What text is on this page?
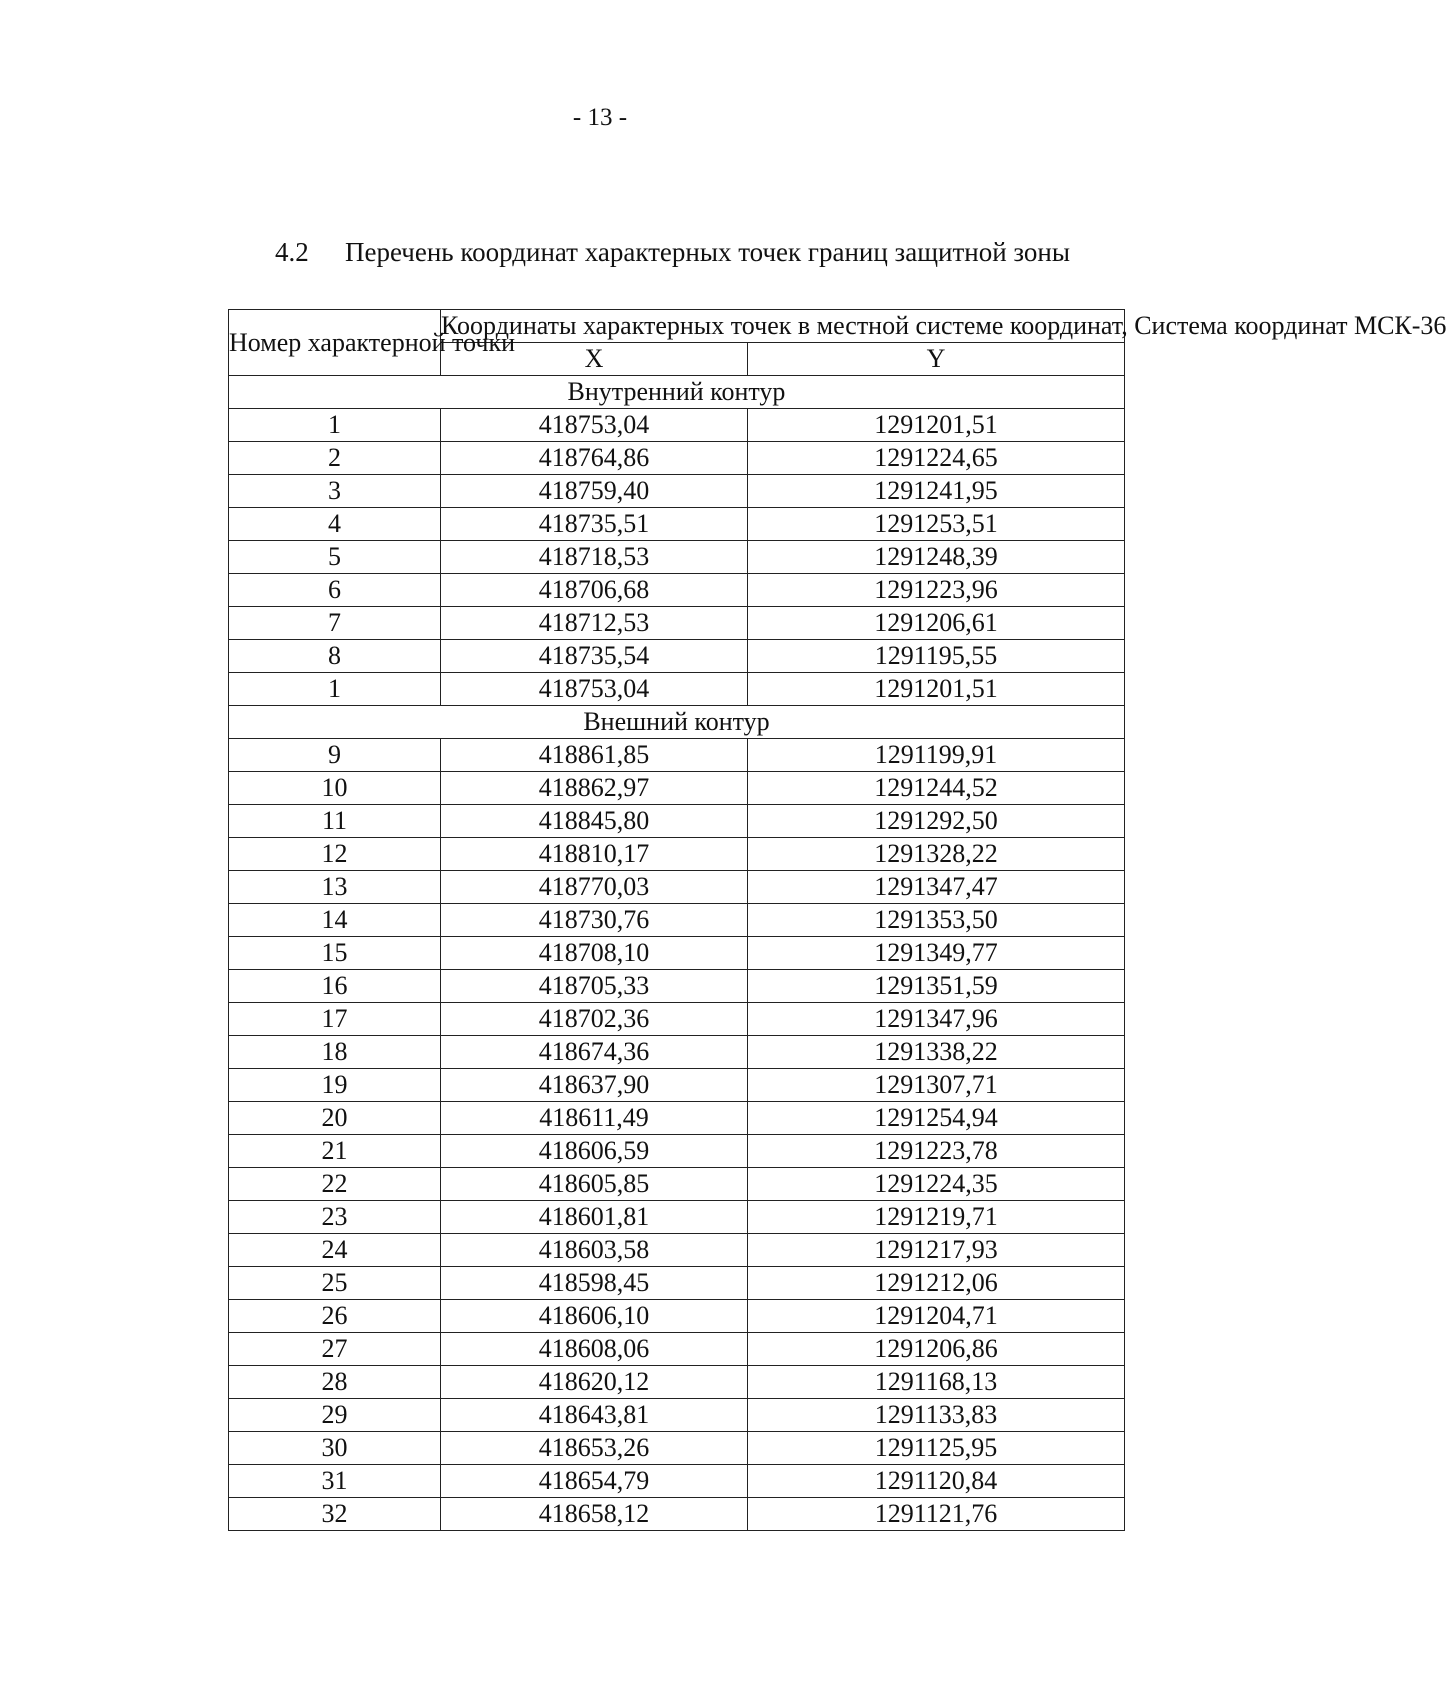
- 13 -
4.2 Перечень координат характерных точек границ защитной зоны
Номер характерной точки	Координаты характерных точек в местной системе координат, Система координат МСК-36	
	X	Y
Внутренний контур		
1	418753,04	1291201,51
2	418764,86	1291224,65
3	418759,40	1291241,95
4	418735,51	1291253,51
5	418718,53	1291248,39
6	418706,68	1291223,96
7	418712,53	1291206,61
8	418735,54	1291195,55
1	418753,04	1291201,51
Внешний контур		
9	418861,85	1291199,91
10	418862,97	1291244,52
11	418845,80	1291292,50
12	418810,17	1291328,22
13	418770,03	1291347,47
14	418730,76	1291353,50
15	418708,10	1291349,77
16	418705,33	1291351,59
17	418702,36	1291347,96
18	418674,36	1291338,22
19	418637,90	1291307,71
20	418611,49	1291254,94
21	418606,59	1291223,78
22	418605,85	1291224,35
23	418601,81	1291219,71
24	418603,58	1291217,93
25	418598,45	1291212,06
26	418606,10	1291204,71
27	418608,06	1291206,86
28	418620,12	1291168,13
29	418643,81	1291133,83
30	418653,26	1291125,95
31	418654,79	1291120,84
32	418658,12	1291121,76
